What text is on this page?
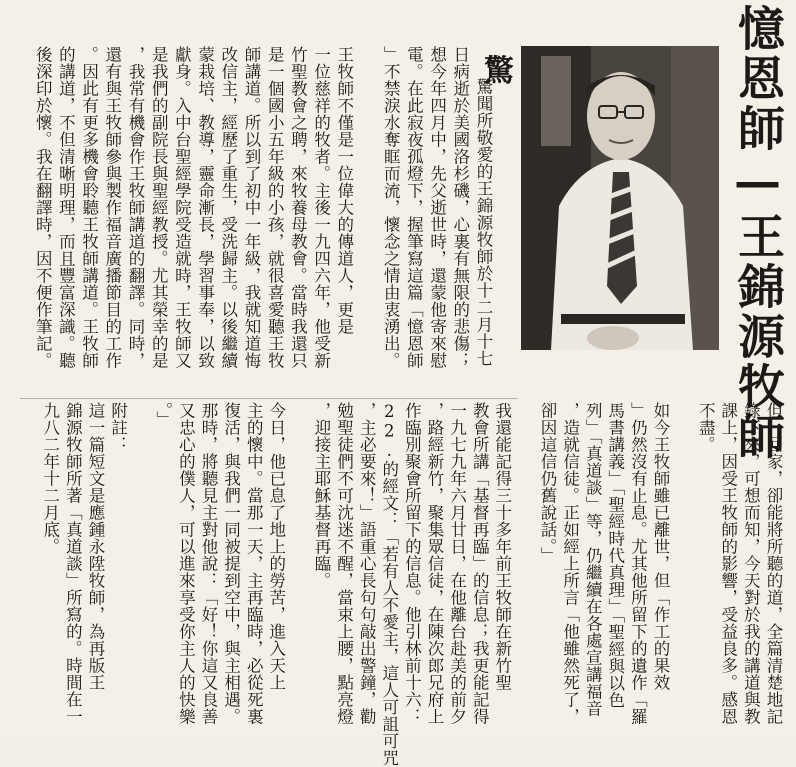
憶恩師—王錦源牧師
驚
驚聞所敬愛的王錦源牧師於十二月十七
日病逝於美國洛杉磯，心裏有無限的悲傷；
想今年四月中，先父逝世時，還蒙他寄來慰
電。在此寂夜孤燈下，握筆寫這篇「憶恩師
」不禁淚水奪眶而流，懷念之情由衷湧出。
王牧師不僅是一位偉大的傳道人，更是
一位慈祥的牧者。主後一九四六年，他受新
竹聖教會之聘，來牧養母教會。當時我還只
是一個國小五年級的小孩，就很喜愛聽王牧
師講道。所以到了初中一年級，我就知道悔
改信主，經歷了重生，受洗歸主。以後繼續
蒙栽培、教導，靈命漸長，學習事奉，以致
獻身。入中台聖經學院受造就時，王牧師又
是我們的副院長與聖經教授。尤其榮幸的是
，我常有機會作王牧師講道的翻譯。同時，
還有與王牧師參與製作福音廣播節目的工作
。因此有更多機會聆聽王牧師講道。王牧師
的講道，不但清晰明理，而且豐富深識。聽
後深印於懷。我在翻譯時，因不便作筆記。
但一回家，卻能將所聽的道，全篇清楚地記
錄下來，可想而知，今天對於我的講道與教
課上，因受王牧師的影響，受益良多。感恩
不盡。
如今王牧師雖已離世，但「作工的果效
」仍然沒有止息。尤其他所留下的遺作「羅
馬書講義」「聖經時代真理」「聖經與以色
列」「真道談」等，仍繼續在各處宣講福音
，造就信徒。正如經上所言「他雖然死了，
卻因這信仍舊說話。」
我還能記得三十多年前王牧師在新竹聖
教會所講「基督再臨」的信息；我更能記得
一九七九年六月廿日，在他離台赴美的前夕
，路經新竹，聚集眾信徒，在陳次郎兄府上
作臨別聚會所留下的信息。他引林前十六：
22.的經文：「若有人不愛主，這人可詛可咒
，主必要來！」語重心長句句敲出警鐘，勸
勉聖徒們不可沈迷不醒，當束上腰，點亮燈
，迎接主耶穌基督再臨。
今日，他已息了地上的勞苦，進入天上
主的懷中。當那一天，主再臨時，必從死裏
復活，與我們一同被提到空中，與主相遇。
那時，將聽見主對他說：「好！你這又良善
又忠心的僕人，可以進來享受你主人的快樂
。」
附註：
這一篇短文是應鍾永陞牧師，為再版王
錦源牧師所著「真道談」所寫的。時間在一
九八二年十二月底。
